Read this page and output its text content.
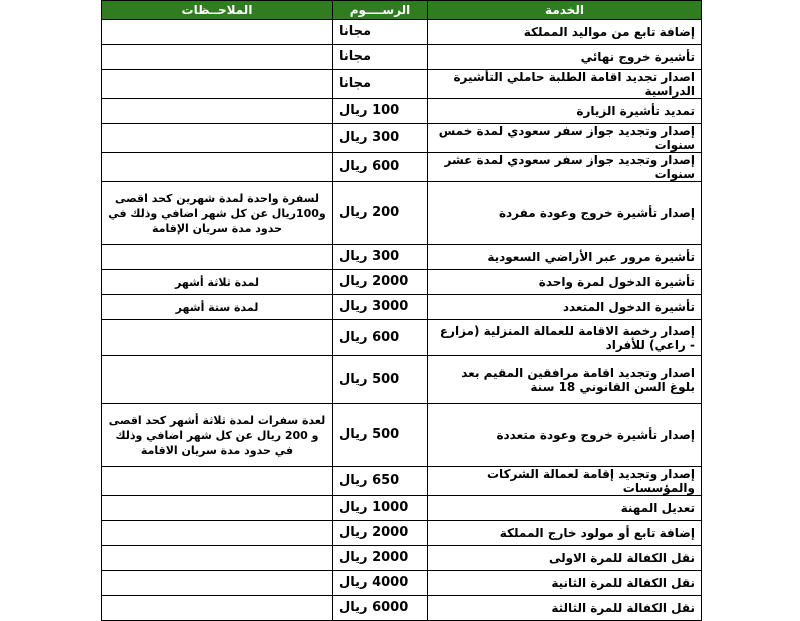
الخدمة	الرســــوم	الملاحــظات
إضافة تابع من مواليد المملكة	مجانا	
تأشيرة خروج نهائي	مجانا	
اصدار تجديد اقامة الطلبة حاملي التأشيرة الدراسية	مجانا	
تمديد تأشيرة الزيارة	100 ريال	
إصدار وتجديد جواز سفر سعودي لمدة خمس سنوات	300 ريال	
إصدار وتجديد جواز سفر سعودي لمدة عشر سنوات	600 ريال	
إصدار تأشيرة خروج وعودة مفردة	200 ريال	لسفرة واحدة لمدة شهرين كحد اقصى و100ريال عن كل شهر اضافي وذلك في حدود مدة سريان الإقامة
تأشيرة مرور عبر الأراضي السعودية	300 ريال	
تأشيرة الدخول لمرة واحدة	2000 ريال	لمدة ثلاثة أشهر
تأشيرة الدخول المتعدد	3000 ريال	لمدة ستة أشهر
إصدار رخصة الاقامة للعمالة المنزلية (مزارع - راعي) للأفراد	600 ريال	
اصدار وتجديد اقامة مرافقين المقيم بعد بلوغ السن القانوني 18 سنة	500 ريال	
إصدار تأشيرة خروج وعودة متعددة	500 ريال	لعدة سفرات لمدة ثلاثة أشهر كحد اقصى و 200 ريال عن كل شهر اضافي وذلك في حدود مدة سريان الاقامة
إصدار وتجديد إقامة لعمالة الشركات والمؤسسات	650 ريال	
تعديل المهنة	1000 ريال	
إضافة تابع أو مولود خارج المملكة	2000 ريال	
نقل الكفالة للمرة الاولى	2000 ريال	
نقل الكفالة للمرة الثانية	4000 ريال	
نقل الكفالة للمرة الثالثة	6000 ريال	
